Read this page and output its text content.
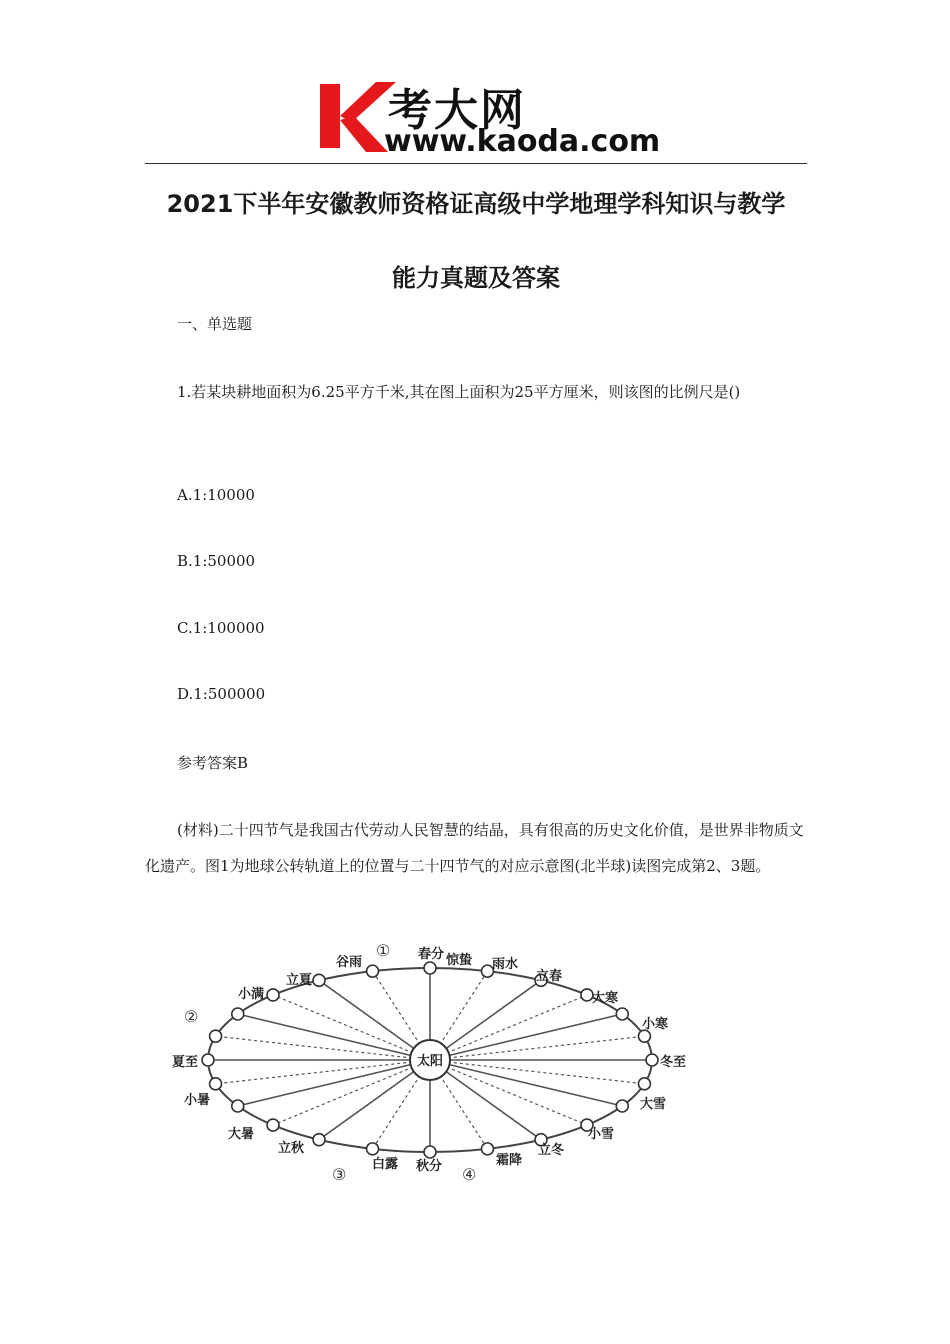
考大网
www.kaoda.com
2021下半年安徽教师资格证高级中学地理学科知识与教学
能力真题及答案
一、单选题
1.若某块耕地面积为6.25平方千米,其在图上面积为25平方厘米，则该图的比例尺是()
A.1:10000
B.1:50000
C.1:100000
D.1:500000
参考答案B
(材料)二十四节气是我国古代劳动人民智慧的结晶，具有很高的历史文化价值，是世界非物质文化遗产。图1为地球公转轨道上的位置与二十四节气的对应示意图(北半球)读图完成第2、3题。
太阳
夏至	冬至
春分
秋分
谷雨
立夏
小满
惊蛰 雨水
立春
大寒
小寒
大雪
小雪
立冬
霜降
白露
立秋
大暑
小暑
①
②
③	④
